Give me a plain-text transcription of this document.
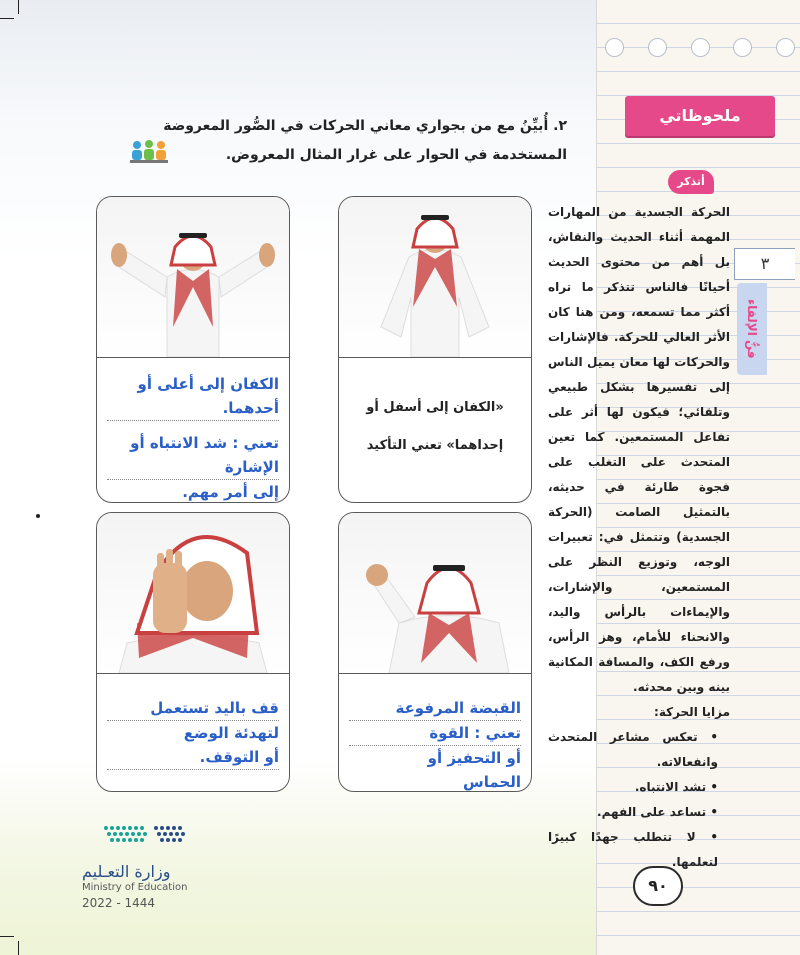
ملحوظاتي
أتذكر
٣
فنُّ الإلقاء
الحركة الجسدية من المهارات المهمة أثناء الحديث والنقاش، بل أهم من محتوى الحديث أحيانًا فالناس تتذكر ما تراه أكثر مما تسمعه، ومن هنا كان الأثر العالي للحركة. فالإشارات والحركات لها معان يميل الناس إلى تفسيرها بشكل طبيعي وتلقائي؛ فيكون لها أثر على تفاعل المستمعين. كما تعين المتحدث على التغلب على فجوة طارئة في حديثه، بالتمثيل الصامت (الحركة الجسدية) وتتمثل في: تعبيرات الوجه، وتوزيع النظر على المستمعين، والإشارات، والإيماءات بالرأس واليد، والانحناء للأمام، وهز الرأس، ورفع الكف، والمسافة المكانية بينه وبين محدثه.
مزايا الحركة:
• تعكس مشاعر المتحدث وانفعالاته.
• تشد الانتباه.
• تساعد على الفهم.
• لا تتطلب جهدًا كبيرًا لتعلمها.
٢. أُبيِّنُ مع من بجواري معاني الحركات في الصُّور المعروضة المستخدمة في الحوار على غرار المثال المعروض.
«الكفان إلى أسفل أو
إحداهما» تعني التأكيد
الكفان إلى أعلى أو أحدهما.
تعني : شد الانتباه أو الإشارة
إلى أمر مهم.
القبضة المرفوعة
تعني : القوة
أو التحفيز أو
الحماس
قف باليد تستعمل
لتهدئة الوضع
أو التوقف.
وزارة التعـليم
Ministry of Education
2022 - 1444
٩٠
